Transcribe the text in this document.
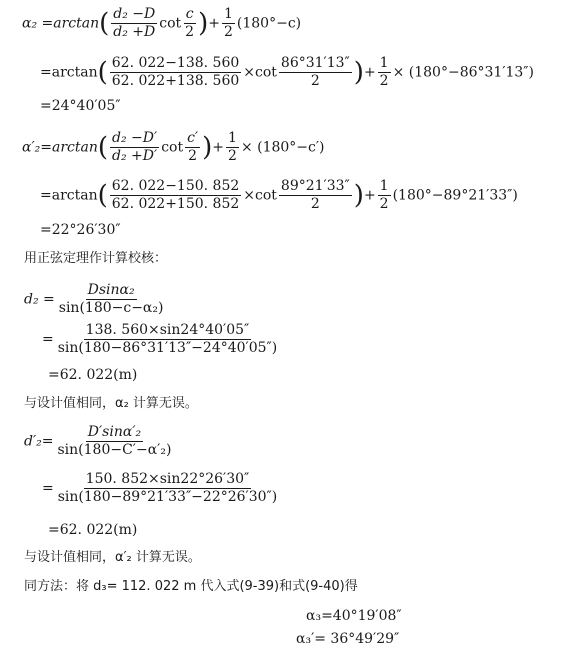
$\alpha_2 =\arctan( \frac{\text{d₂ −D}}{\text{d₂ +D}}$ $\cot \frac{c}{2}$ )+ $\frac{1}{2} (180^\circ-c)$
$=\arctan( \frac{62. 022-138. 560}{62. 022+138. 560} \times\cot \frac{86^\circ 31'13''}{2}$ )+ $\frac{1}{2} \times (180^\circ-86^\circ 31'13'')$
=24°40′05″
$\alpha'_2=\arctan( \frac{\text{d₂ −D′}}{\text{d₂ +D′}}$ $\cot \frac{c'}{2}$ )+ $\frac{1}{2} \times (180^\circ-c')$
$=\arctan( \frac{62. 022-150. 852}{62. 022+150. 852} \times\cot \frac{89^\circ 21'33''}{2}$ )+ $\frac{1}{2} (180^\circ-89^\circ 21'33'')$
=22°26′30″
用正弦定理作计算校核：
$d_2 = \frac{\text{Dsinα₂}}{\text{sin(180−c−α₂)}}$
= $\frac{138. 560\times\sin 24^\circ 40'05''}{\sin(180-86^\circ 31'13''-24^\circ 40'05'')}$
=62. 022(m)
与设计值相同，α₂ 计算无误。
$d'_2= \frac{\text{D′sinα′₂}}{\text{sin(180−C′−α′₂)}}$
= $\frac{150. 852\times\sin 22^\circ 26'30''}{\sin(180-89^\circ 21'33''-22^\circ 26'30'')}$
=62. 022(m)
与设计值相同，α′₂ 计算无误。
同方法：将 d₃= 112. 022 m 代入式(9-39)和式(9-40)得
α₃=40°19′08″
α₃′= 36°49′29″
